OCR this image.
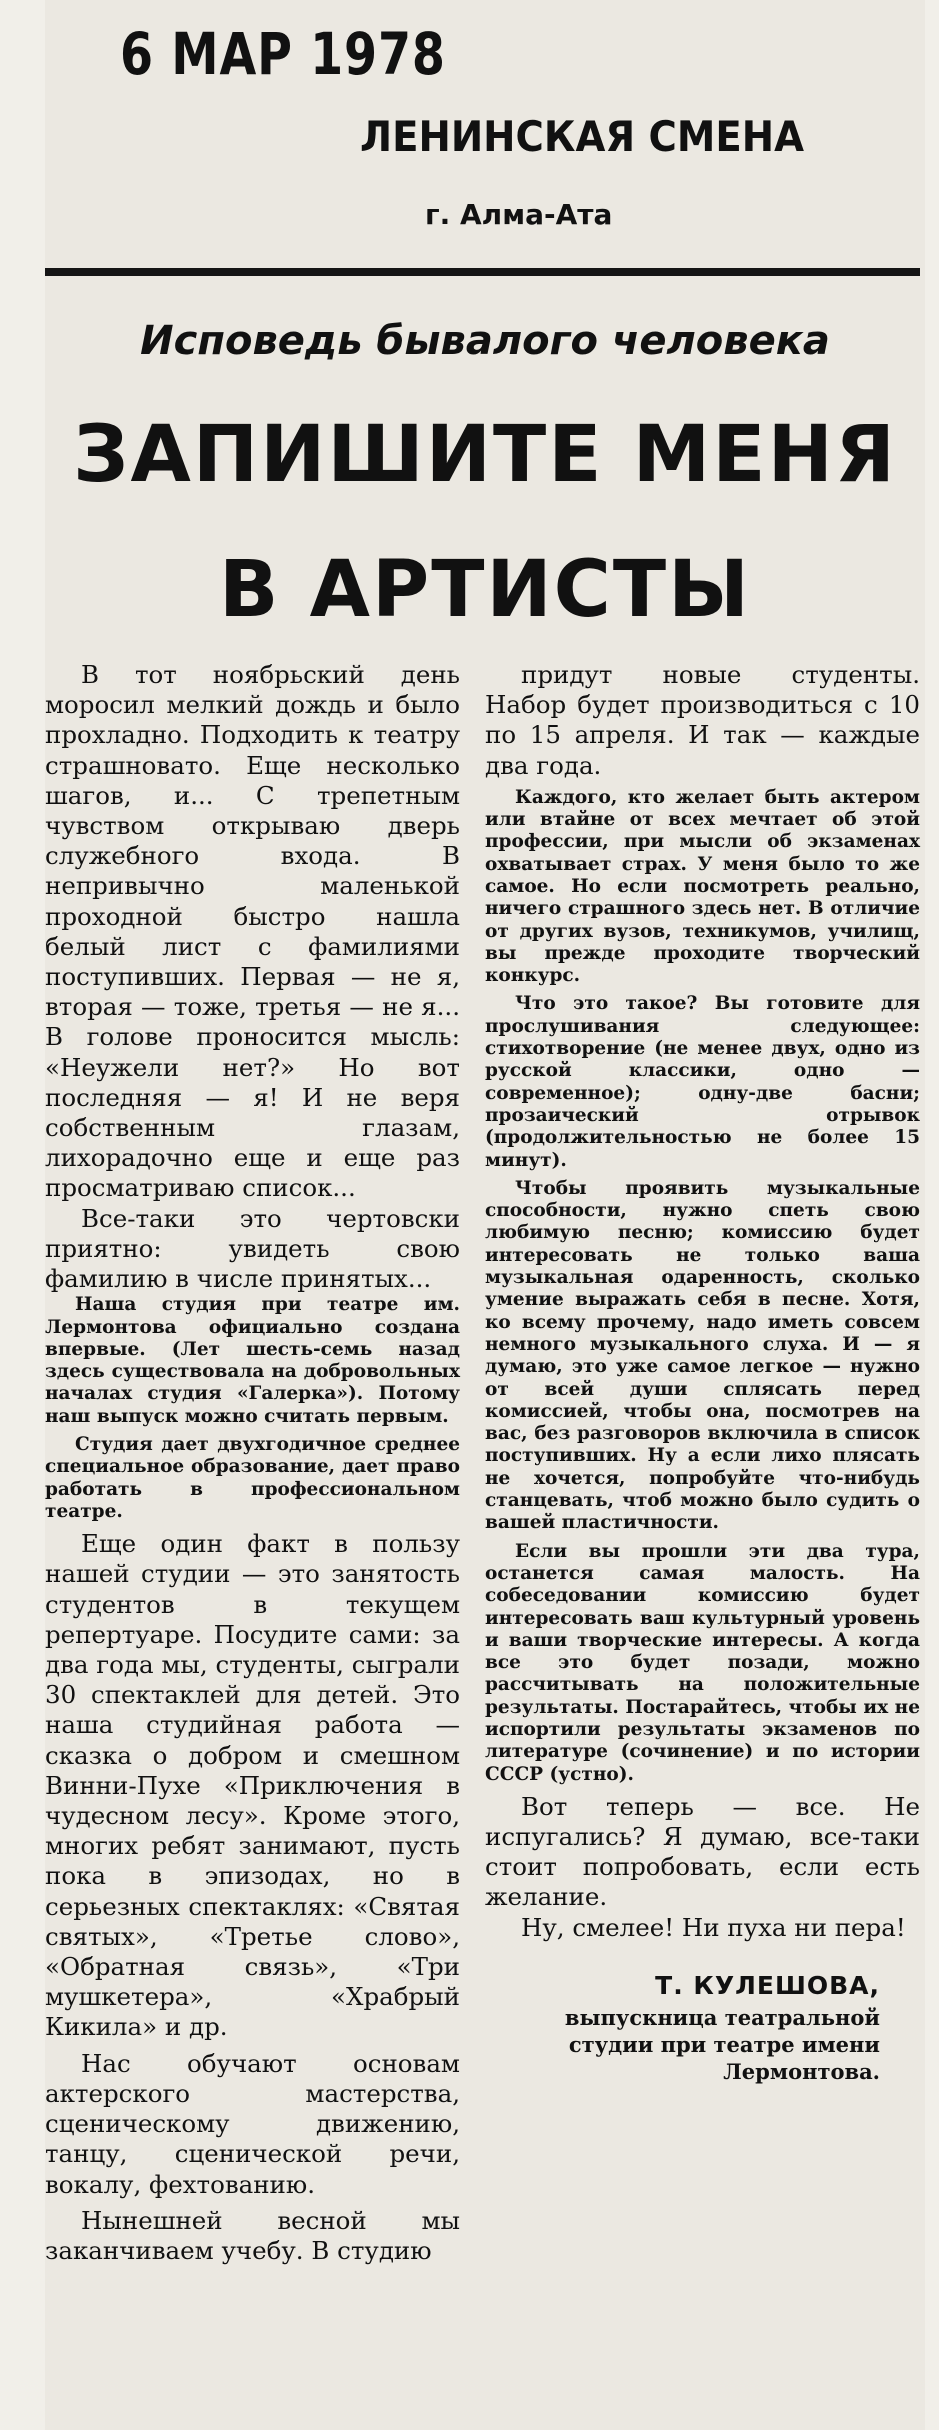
6 МАР 1978
ЛЕНИНСКАЯ СМЕНА
г. Алма-Ата
Исповедь бывалого человека
ЗАПИШИТЕ МЕНЯ
В АРТИСТЫ

В тот ноябрьский день моросил мелкий дождь и было прохладно. Подходить к театру страшновато. Еще несколько шагов, и... С трепетным чувством открываю дверь служебного входа. В непривычно маленькой проходной быстро нашла белый лист с фамилиями поступивших. Первая — не я, вторая — тоже, третья — не я... В голове проносится мысль: «Неужели нет?» Но вот последняя — я! И не веря собственным глазам, лихорадочно еще и еще раз просматриваю список...

Все-таки это чертовски приятно: увидеть свою фамилию в числе принятых...

Наша студия при театре им. Лермонтова официально создана впервые. (Лет шесть-семь назад здесь существовала на добровольных началах студия «Галерка»). Потому наш выпуск можно считать первым.

Студия дает двухгодичное среднее специальное образование, дает право работать в профессиональном театре.

Еще один факт в пользу нашей студии — это занятость студентов в текущем репертуаре. Посудите сами: за два года мы, студенты, сыграли 30 спектаклей для детей. Это наша студийная работа — сказка о добром и смешном Винни-Пухе «Приключения в чудесном лесу». Кроме этого, многих ребят занимают, пусть пока в эпизодах, но в серьезных спектаклях: «Святая святых», «Третье слово», «Обратная связь», «Три мушкетера», «Храбрый Кикила» и др.

Нас обучают основам актерского мастерства, сценическому движению, танцу, сценической речи, вокалу, фехтованию.

Нынешней весной мы заканчиваем учебу. В студию

придут новые студенты. Набор будет производиться с 10 по 15 апреля. И так — каждые два года.

Каждого, кто желает быть актером или втайне от всех мечтает об этой профессии, при мысли об экзаменах охватывает страх. У меня было то же самое. Но если посмотреть реально, ничего страшного здесь нет. В отличие от других вузов, техникумов, училищ, вы прежде проходите творческий конкурс.

Что это такое? Вы готовите для прослушивания следующее: стихотворение (не менее двух, одно из русской классики, одно — современное); одну-две басни; прозаический отрывок (продолжительностью не более 15 минут).

Чтобы проявить музыкальные способности, нужно спеть свою любимую песню; комиссию будет интересовать не только ваша музыкальная одаренность, сколько умение выражать себя в песне. Хотя, ко всему прочему, надо иметь совсем немного музыкального слуха. И — я думаю, это уже самое легкое — нужно от всей души сплясать перед комиссией, чтобы она, посмотрев на вас, без разговоров включила в список поступивших. Ну а если лихо плясать не хочется, попробуйте что-нибудь станцевать, чтоб можно было судить о вашей пластичности.

Если вы прошли эти два тура, останется самая малость. На собеседовании комиссию будет интересовать ваш культурный уровень и ваши творческие интересы. А когда все это будет позади, можно рассчитывать на положительные результаты. Постарайтесь, чтобы их не испортили результаты экзаменов по литературе (сочинение) и по истории СССР (устно).

Вот теперь — все. Не испугались? Я думаю, все-таки стоит попробовать, если есть желание.

Ну, смелее! Ни пуха ни пера!

Т. КУЛЕШОВА,
выпускница театральной
студии при театре имени
Лермонтова.
